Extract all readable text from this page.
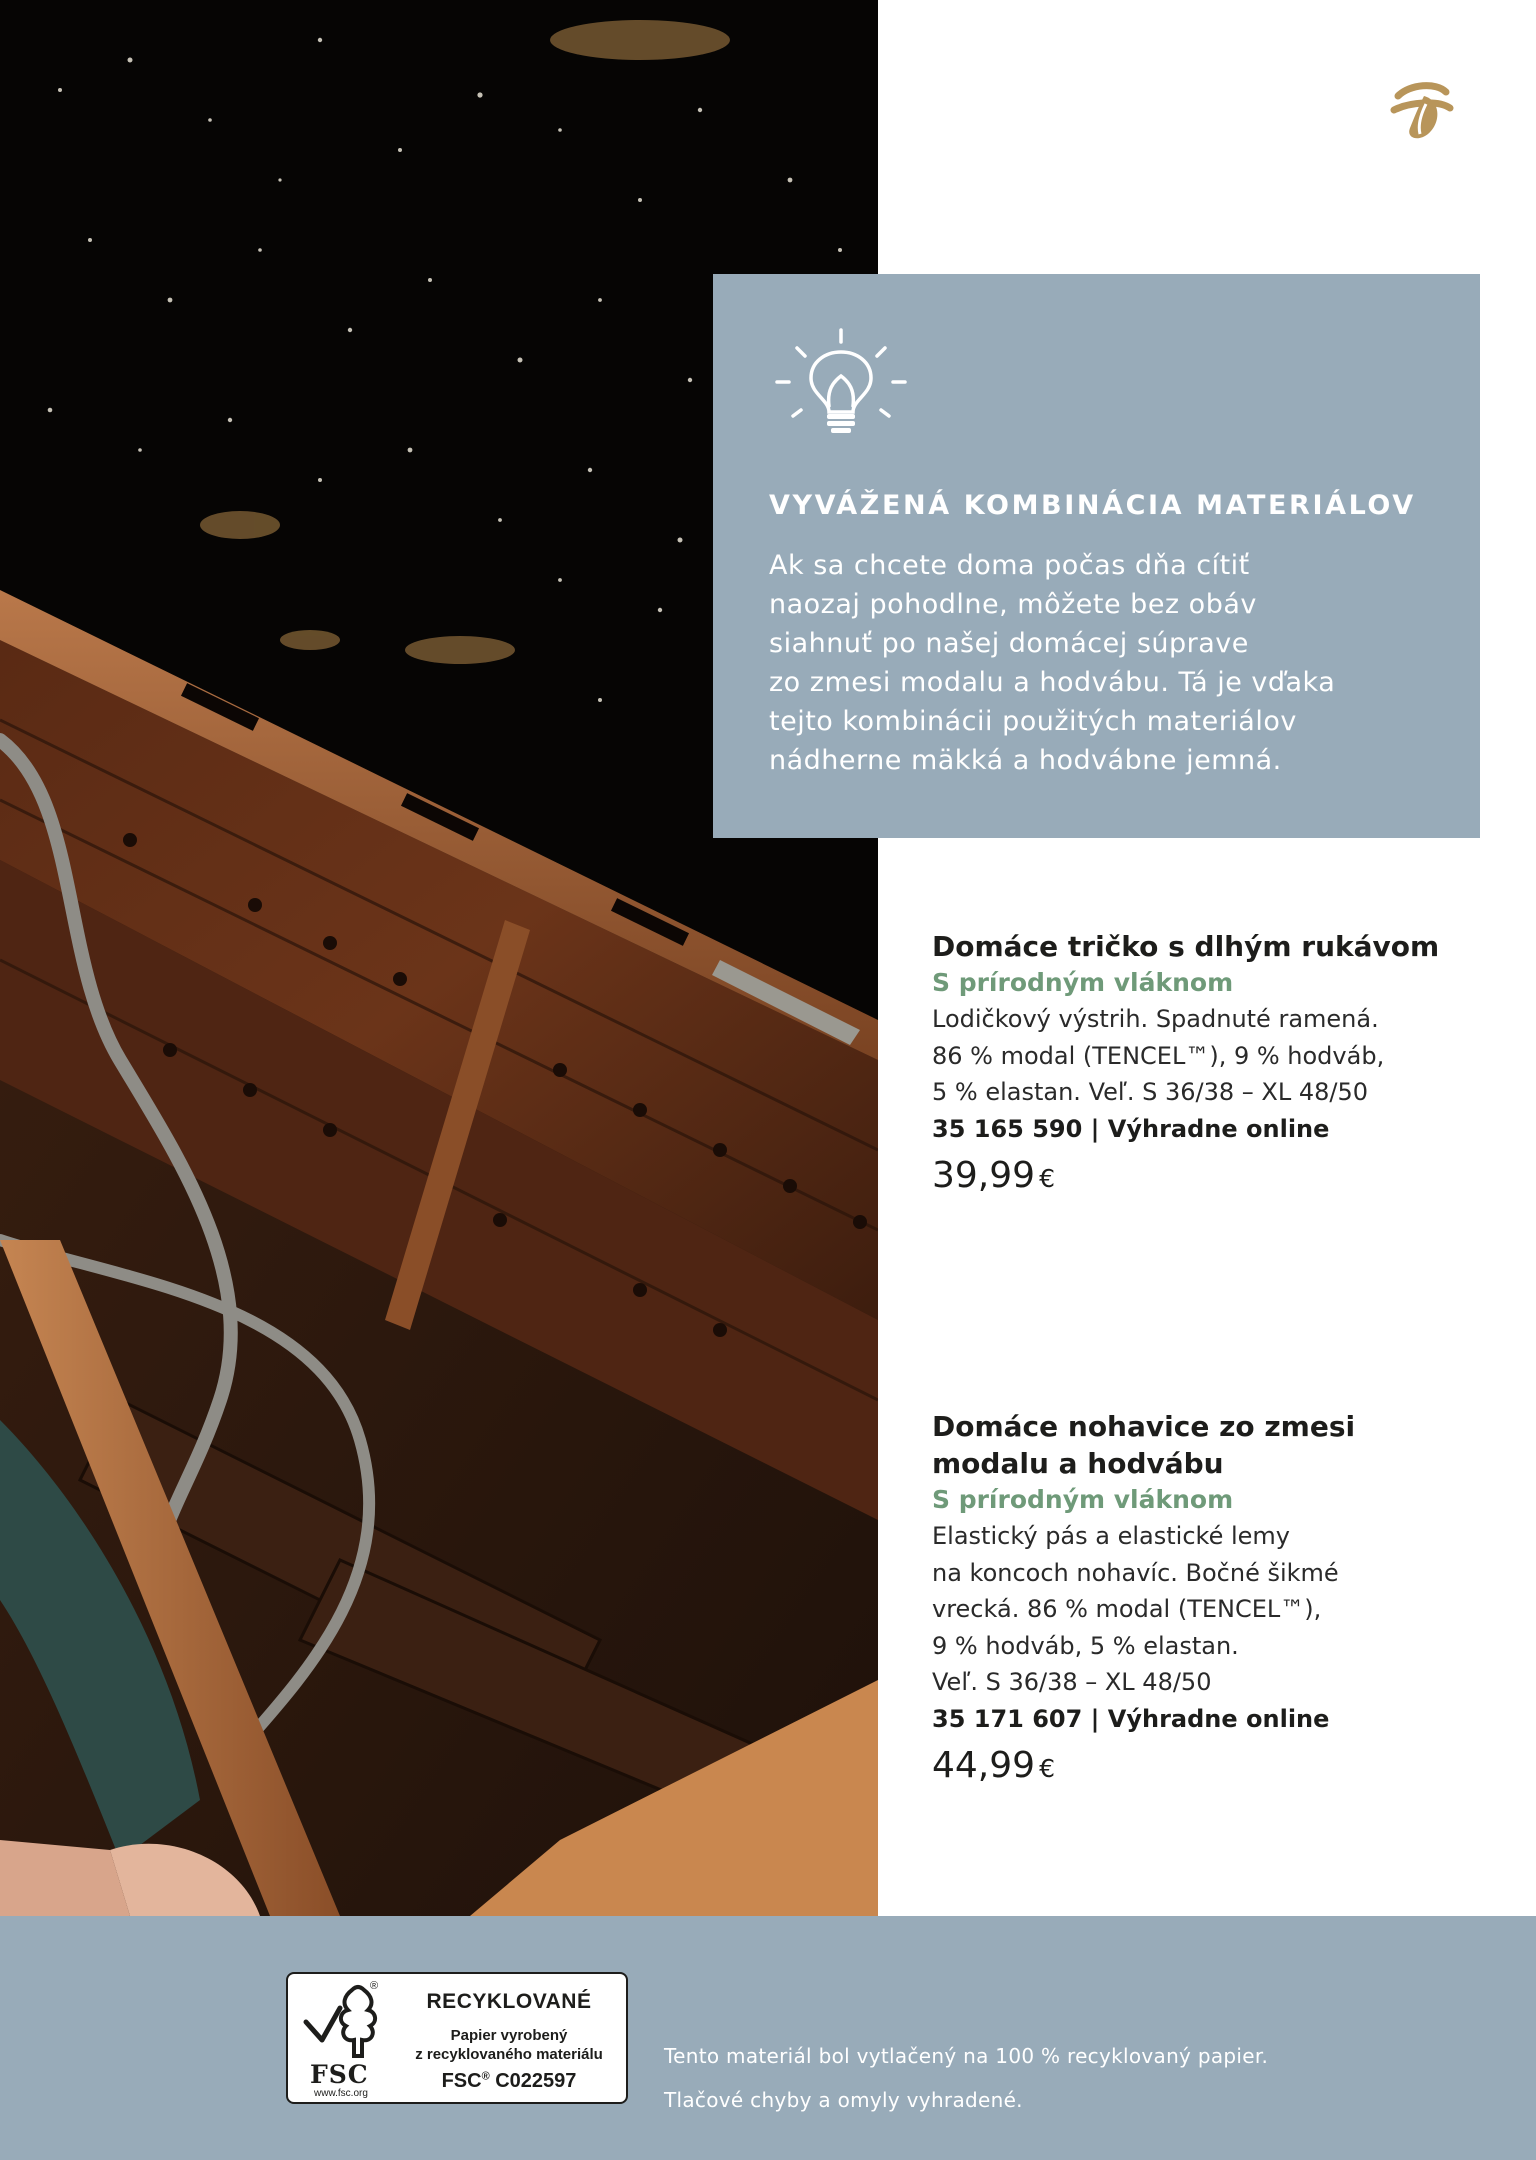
VYVÁŽENÁ KOMBINÁCIA MATERIÁLOV
Ak sa chcete doma počas dňa cítiť
naozaj pohodlne, môžete bez obáv
siahnuť po našej domácej súprave
zo zmesi modalu a hodvábu. Tá je vďaka
tejto kombinácii použitých materiálov
nádherne mäkká a hodvábne jemná.
Domáce tričko s dlhým rukávom
S prírodným vláknom
Lodičkový výstrih. Spadnuté ramená.
86 % modal (TENCEL™), 9 % hodváb,
5 % elastan. Veľ. S 36/38 – XL 48/50
35 165 590 | Výhradne online
39,99 €
Domáce nohavice zo zmesi
modalu a hodvábu
S prírodným vláknom
Elastický pás a elastické lemy
na koncoch nohavíc. Bočné šikmé
vrecká. 86 % modal (TENCEL™),
9 % hodváb, 5 % elastan.
Veľ. S 36/38 – XL 48/50
35 171 607 | Výhradne online
44,99 €
®
FSC
www.fsc.org
RECYKLOVANÉ
Papier vyrobený
z recyklovaného materiálu
FSC® C022597
Tento materiál bol vytlačený na 100 % recyklovaný papier.
Tlačové chyby a omyly vyhradené.
